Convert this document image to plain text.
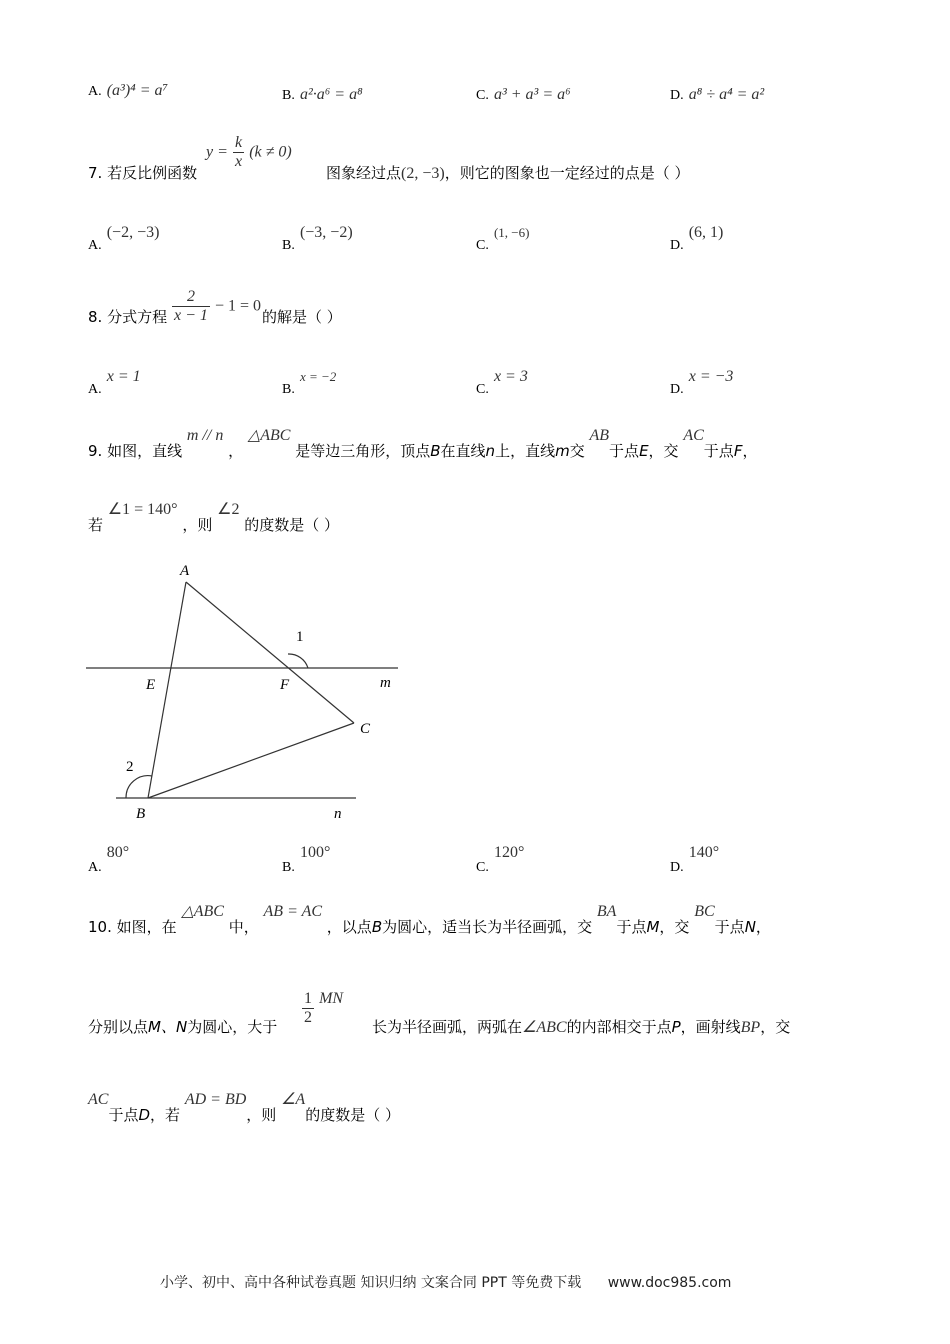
A. (a³)⁴ = a⁷	B. a²·a⁶ = a⁸	C. a³ + a³ = a⁶	D. a⁸ ÷ a⁴ = a²
7. 若反比例函数
$y = \frac{k}{x} (k \ne 0)$
图象经过点(2, −3)，则它的图象也一定经过的点是（ ）
A. (−2, −3)
B. (−3, −2)
C. (1, −6)
D. (6, 1)
8. 分式方程 $\frac{2}{x - 1} - 1 = 0$
的解是（ ）
A. x = 1
B. x = −2
C. x = 3
D. x = −3
9. 如图，直线 m // n ， △ABC 是等边三角形，顶点B在直线n上，直线m交 AB于点E，交 AC于点F，
若 ∠1 = 140° ，则 ∠2 的度数是（ ）
A
E	F	m
C
B	n
1
2
A. 80°
B. 100°
C. 120°
D. 140°
10. 如图，在 △ABC 中， AB = AC ，以点B为圆心，适当长为半径画弧，交 BA于点M，交 BC于点N，
分别以点M、N为圆心，大于
$\frac{1}{2}$ MN
长为半径画弧，两弧在∠ABC的内部相交于点P，画射线BP，交
AC于点D，若 AD = BD，则 ∠A的度数是（ ）
小学、初中、高中各种试卷真题 知识归纳 文案合同 PPT 等免费下载 www.doc985.com
